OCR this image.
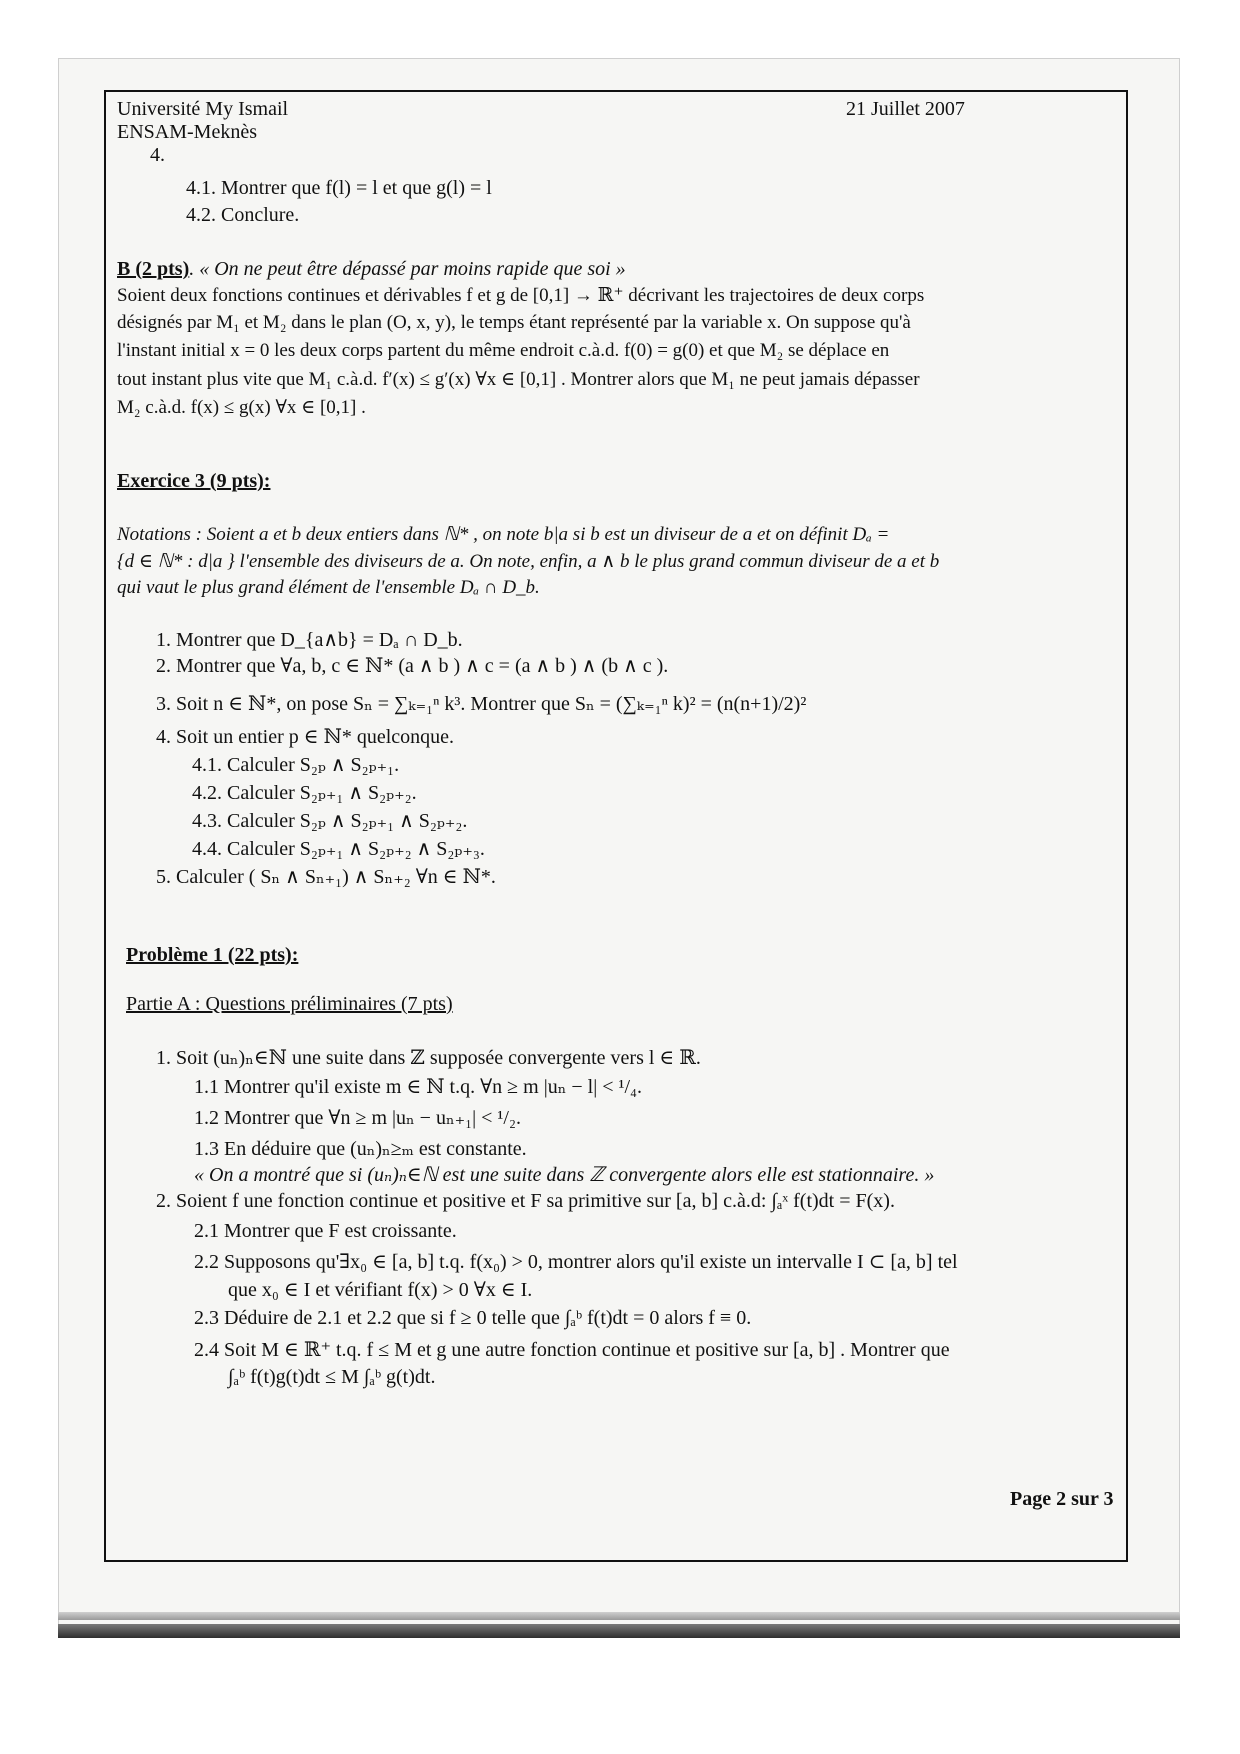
Université My Ismail
ENSAM-Meknès
21 Juillet 2007
4.
4.1. Montrer que f(l) = l et que g(l) = l
4.2. Conclure.
B (2 pts). « On ne peut être dépassé par moins rapide que soi »
Soient deux fonctions continues et dérivables f et g de [0,1] → ℝ⁺ décrivant les trajectoires de deux corps
désignés par M₁ et M₂ dans le plan (O, x, y), le temps étant représenté par la variable x. On suppose qu'à
l'instant initial x = 0 les deux corps partent du même endroit c.à.d. f(0) = g(0) et que M₂ se déplace en
tout instant plus vite que M₁ c.à.d. f′(x) ≤ g′(x) ∀x ∈ [0,1] . Montrer alors que M₁ ne peut jamais dépasser
M₂ c.à.d. f(x) ≤ g(x) ∀x ∈ [0,1] .
Exercice 3 (9 pts):
Notations : Soient a et b deux entiers dans ℕ* , on note b|a si b est un diviseur de a et on définit Dₐ =
{d ∈ ℕ* : d|a } l'ensemble des diviseurs de a. On note, enfin, a ∧ b le plus grand commun diviseur de a et b
qui vaut le plus grand élément de l'ensemble Dₐ ∩ D_b.
1. Montrer que D_{a∧b} = Dₐ ∩ D_b.
2. Montrer que ∀a, b, c ∈ ℕ* (a ∧ b ) ∧ c = (a ∧ b ) ∧ (b ∧ c ).
3. Soit n ∈ ℕ*, on pose Sₙ = ∑ₖ₌₁ⁿ k³. Montrer que Sₙ = (∑ₖ₌₁ⁿ k)² = (n(n+1)/2)²
4. Soit un entier p ∈ ℕ* quelconque.
4.1. Calculer S₂ₚ ∧ S₂ₚ₊₁.
4.2. Calculer S₂ₚ₊₁ ∧ S₂ₚ₊₂.
4.3. Calculer S₂ₚ ∧ S₂ₚ₊₁ ∧ S₂ₚ₊₂.
4.4. Calculer S₂ₚ₊₁ ∧ S₂ₚ₊₂ ∧ S₂ₚ₊₃.
5. Calculer ( Sₙ ∧ Sₙ₊₁) ∧ Sₙ₊₂ ∀n ∈ ℕ*.
Problème 1 (22 pts):
Partie A : Questions préliminaires (7 pts)
1. Soit (uₙ)ₙ∈ℕ une suite dans ℤ supposée convergente vers l ∈ ℝ.
1.1 Montrer qu'il existe m ∈ ℕ t.q. ∀n ≥ m |uₙ − l| < ¹/₄.
1.2 Montrer que ∀n ≥ m |uₙ − uₙ₊₁| < ¹/₂.
1.3 En déduire que (uₙ)ₙ≥ₘ est constante.
« On a montré que si (uₙ)ₙ∈ℕ est une suite dans ℤ convergente alors elle est stationnaire. »
2. Soient f une fonction continue et positive et F sa primitive sur [a, b] c.à.d: ∫ₐˣ f(t)dt = F(x).
2.1 Montrer que F est croissante.
2.2 Supposons qu'∃x₀ ∈ [a, b] t.q. f(x₀) > 0, montrer alors qu'il existe un intervalle I ⊂ [a, b] tel
que x₀ ∈ I et vérifiant f(x) > 0 ∀x ∈ I.
2.3 Déduire de 2.1 et 2.2 que si f ≥ 0 telle que ∫ₐᵇ f(t)dt = 0 alors f ≡ 0.
2.4 Soit M ∈ ℝ⁺ t.q. f ≤ M et g une autre fonction continue et positive sur [a, b] . Montrer que
∫ₐᵇ f(t)g(t)dt ≤ M ∫ₐᵇ g(t)dt.
Page 2 sur 3
